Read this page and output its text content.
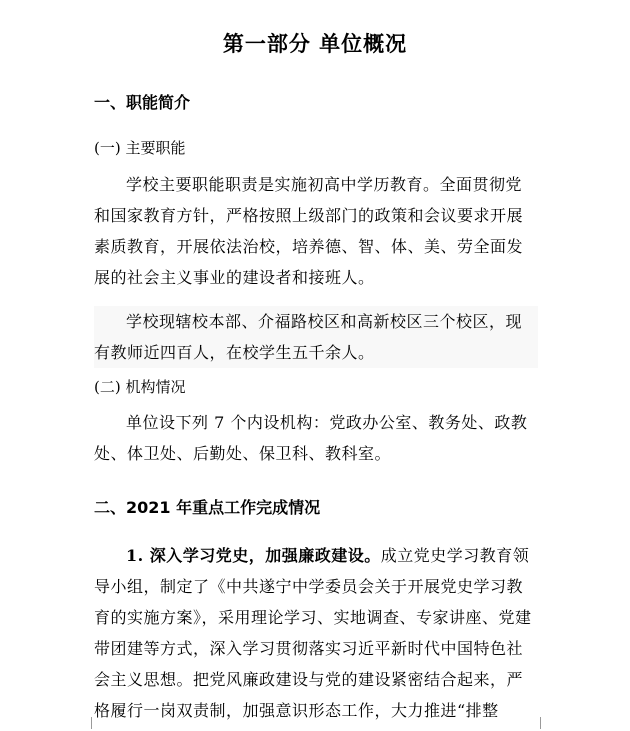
第一部分 单位概况
一、职能简介
(一) 主要职能

学校主要职能职责是实施初高中学历教育。全面贯彻党和国家教育方针，严格按照上级部门的政策和会议要求开展素质教育，开展依法治校，培养德、智、体、美、劳全面发展的社会主义事业的建设者和接班人。

学校现辖校本部、介福路校区和高新校区三个校区，现有教师近四百人，在校学生五千余人。

(二) 机构情况

单位设下列 7 个内设机构：党政办公室、教务处、政教处、体卫处、后勤处、保卫科、教科室。

二、2021 年重点工作完成情况

1. 深入学习党史，加强廉政建设。成立党史学习教育领导小组，制定了《中共遂宁中学委员会关于开展党史学习教育的实施方案》，采用理论学习、实地调查、专家讲座、党建带团建等方式，深入学习贯彻落实习近平新时代中国特色社会主义思想。把党风廉政建设与党的建设紧密结合起来，严格履行一岗双责制，加强意识形态工作，大力推进“排整
